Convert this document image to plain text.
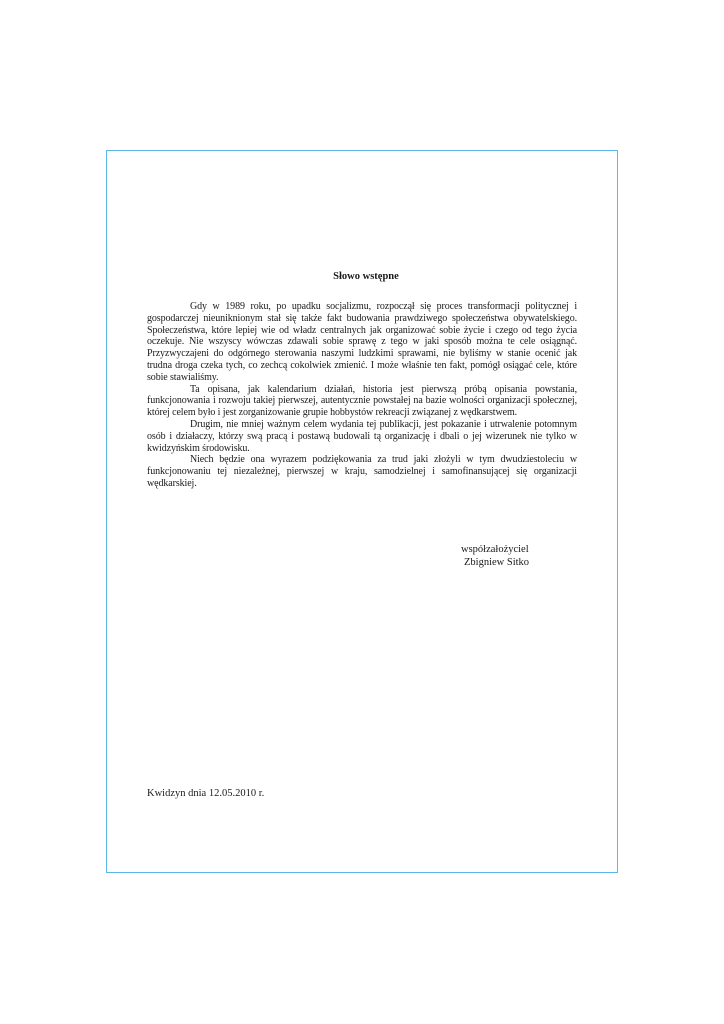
Słowo wstępne

Gdy w 1989 roku, po upadku socjalizmu, rozpoczął się proces transformacji politycznej i gospodarczej nieuniknionym stał się także fakt budowania prawdziwego społeczeństwa obywatelskiego. Społeczeństwa, które lepiej wie od władz centralnych jak organizować sobie życie i czego od tego życia oczekuje. Nie wszyscy wówczas zdawali sobie sprawę z tego w jaki sposób można te cele osiągnąć. Przyzwyczajeni do odgórnego sterowania naszymi ludzkimi sprawami, nie byliśmy w stanie ocenić jak trudna droga czeka tych, co zechcą cokolwiek zmienić. I może właśnie ten fakt, pomógł osiągać cele, które sobie stawialiśmy.

Ta opisana, jak kalendarium działań, historia jest pierwszą próbą opisania powstania, funkcjonowania i rozwoju takiej pierwszej, autentycznie powstałej na bazie wolności organizacji społecznej, której celem było i jest zorganizowanie grupie hobbystów rekreacji związanej z wędkarstwem.

Drugim, nie mniej ważnym celem wydania tej publikacji, jest pokazanie i utrwalenie potomnym osób i działaczy, którzy swą pracą i postawą budowali tą organizację i dbali o jej wizerunek nie tylko w kwidzyńskim środowisku.

Niech będzie ona wyrazem podziękowania za trud jaki złożyli w tym dwudziestoleciu w funkcjonowaniu tej niezależnej, pierwszej w kraju, samodzielnej i samofinansującej się organizacji wędkarskiej.

współzałożyciel
Zbigniew Sitko
Kwidzyn dnia 12.05.2010 r.
